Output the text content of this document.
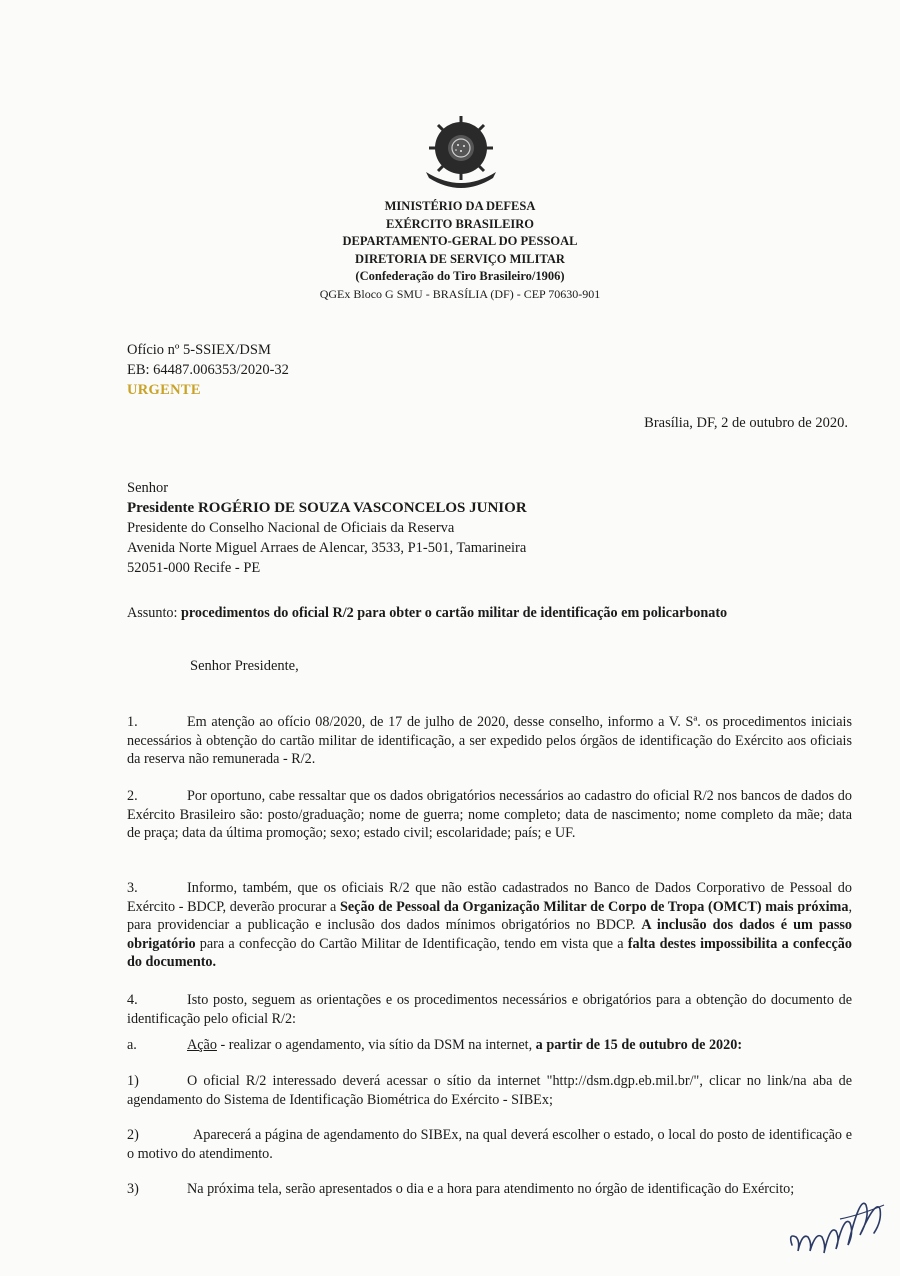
MINISTÉRIO DA DEFESA
EXÉRCITO BRASILEIRO
DEPARTAMENTO-GERAL DO PESSOAL
DIRETORIA DE SERVIÇO MILITAR
(Confederação do Tiro Brasileiro/1906)
QGEx Bloco G SMU - BRASÍLIA (DF) - CEP 70630-901
Ofício nº 5-SSIEX/DSM
EB: 64487.006353/2020-32
URGENTE
Brasília, DF, 2 de outubro de 2020.
Senhor
Presidente ROGÉRIO DE SOUZA VASCONCELOS JUNIOR
Presidente do Conselho Nacional de Oficiais da Reserva
Avenida Norte Miguel Arraes de Alencar, 3533, P1-501, Tamarineira
52051-000 Recife - PE
Assunto: procedimentos do oficial R/2 para obter o cartão militar de identificação em policarbonato
Senhor Presidente,
1.	Em atenção ao ofício 08/2020, de 17 de julho de 2020, desse conselho, informo a V. Sª. os procedimentos iniciais necessários à obtenção do cartão militar de identificação, a ser expedido pelos órgãos de identificação do Exército aos oficiais da reserva não remunerada - R/2.
2.	Por oportuno, cabe ressaltar que os dados obrigatórios necessários ao cadastro do oficial R/2 nos bancos de dados do Exército Brasileiro são: posto/graduação; nome de guerra; nome completo; data de nascimento; nome completo da mãe; data de praça; data da última promoção; sexo; estado civil; escolaridade; país; e UF.
3.	Informo, também, que os oficiais R/2 que não estão cadastrados no Banco de Dados Corporativo de Pessoal do Exército - BDCP, deverão procurar a Seção de Pessoal da Organização Militar de Corpo de Tropa (OMCT) mais próxima, para providenciar a publicação e inclusão dos dados mínimos obrigatórios no BDCP. A inclusão dos dados é um passo obrigatório para a confecção do Cartão Militar de Identificação, tendo em vista que a falta destes impossibilita a confecção do documento.
4.	Isto posto, seguem as orientações e os procedimentos necessários e obrigatórios para a obtenção do documento de identificação pelo oficial R/2:
a.	Ação - realizar o agendamento, via sítio da DSM na internet, a partir de 15 de outubro de 2020:
1)	O oficial R/2 interessado deverá acessar o sítio da internet "http://dsm.dgp.eb.mil.br/", clicar no link/na aba de agendamento do Sistema de Identificação Biométrica do Exército - SIBEx;
2)	Aparecerá a página de agendamento do SIBEx, na qual deverá escolher o estado, o local do posto de identificação e o motivo do atendimento.
3)	Na próxima tela, serão apresentados o dia e a hora para atendimento no órgão de identificação do Exército;
